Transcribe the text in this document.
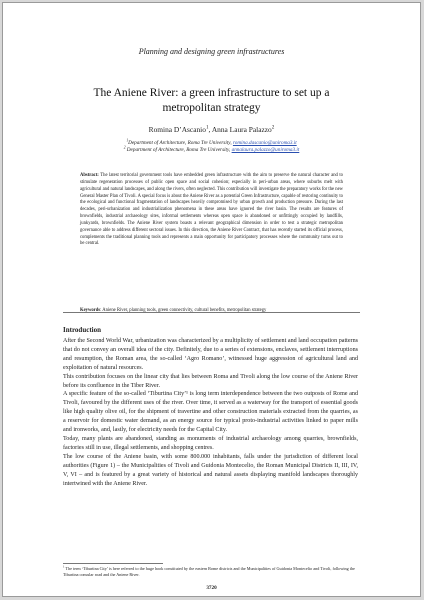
Planning and designing green infrastructures
The Aniene River: a green infrastructure to set up a
metropolitan strategy
Romina D’Ascanio$^1$, Anna Laura Palazzo$^2$
$^1$Department of Architecture, Roma Tre University, romina.dascanio@uniroma3.it
$^2$ Department of Architecture, Roma Tre University, annalaura.palazzo@uniroma3.it
Abstract: The latest territorial government tools have embedded green infrastructure with the aim to preserve the natural character and to stimulate regeneration processes of public open space and social cohesion; especially in peri-urban areas, where suburbs melt with agricultural and natural landscapes, and along the rivers, often neglected. This contribution will investigate the preparatory works for the new General Master Plan of Tivoli. A special focus is about the Aniene River as a potential Green Infrastructure, capable of restoring continuity to the ecological and functional fragmentation of landscapes heavily compromised by urban growth and production pressure. During the last decades, peri-urbanization and industrialization phenomena in these areas have ignored the river basin. The results are features of brownfields, industrial archaeology sites, informal settlements whereas open space is abandoned or unfittingly occupied by landfills, junkyards, brownfields. The Aniene River system boasts a relevant geographical dimension in order to test a strategic metropolitan governance able to address different sectoral issues. In this direction, the Aniene River Contract, that has recently started its official process, complements the traditional planning tools and represents a main opportunity for participatory processes where the community turns out to be central.
Keywords: Aniene River, planning tools, green connectivity, cultural benefits, metropolitan strategy
Introduction

After the Second World War, urbanization was characterized by a multiplicity of settlement and land occupation patterns that do not convey an overall idea of the city. Definitely, due to a series of extensions, enclaves, settlement interruptions and resumption, the Roman area, the so-called ‘Agro Romano’, witnessed huge aggression of agricultural land and exploitation of natural resources.

This contribution focuses on the linear city that lies between Roma and Tivoli along the low course of the Aniene River before its confluence in the Tiber River.

A specific feature of the so-called ‘Tiburtina City’¹ is long term interdependence between the two outposts of Rome and Tivoli, favoured by the different uses of the river. Over time, it served as a waterway for the transport of essential goods like high quality olive oil, for the shipment of travertine and other construction materials extracted from the quarries, as a reservoir for domestic water demand, as an energy source for typical proto-industrial activities linked to paper mills and ironworks, and, lastly, for electricity needs for the Capital City.

Today, many plants are abandoned, standing as monuments of industrial archaeology among quarries, brownfields, factories still in use, illegal settlements, and shopping centres.

The low course of the Aniene basin, with some 800.000 inhabitants, falls under the jurisdiction of different local authorities (Figure 1) – the Municipalities of Tivoli and Guidonia Montecelio, the Roman Municipal Districts II, III, IV, V, VI – and is featured by a great variety of historical and natural assets displaying manifold landscapes thoroughly intertwined with the Aniene River.

$^1$ The term ‘Tiburtina City’ is here referred to the huge hook constituted by the eastern Rome districts and the Municipalities of Guidonia Montecelio and Tivoli, following the Tiburtina consular road and the Aniene River.
3720
